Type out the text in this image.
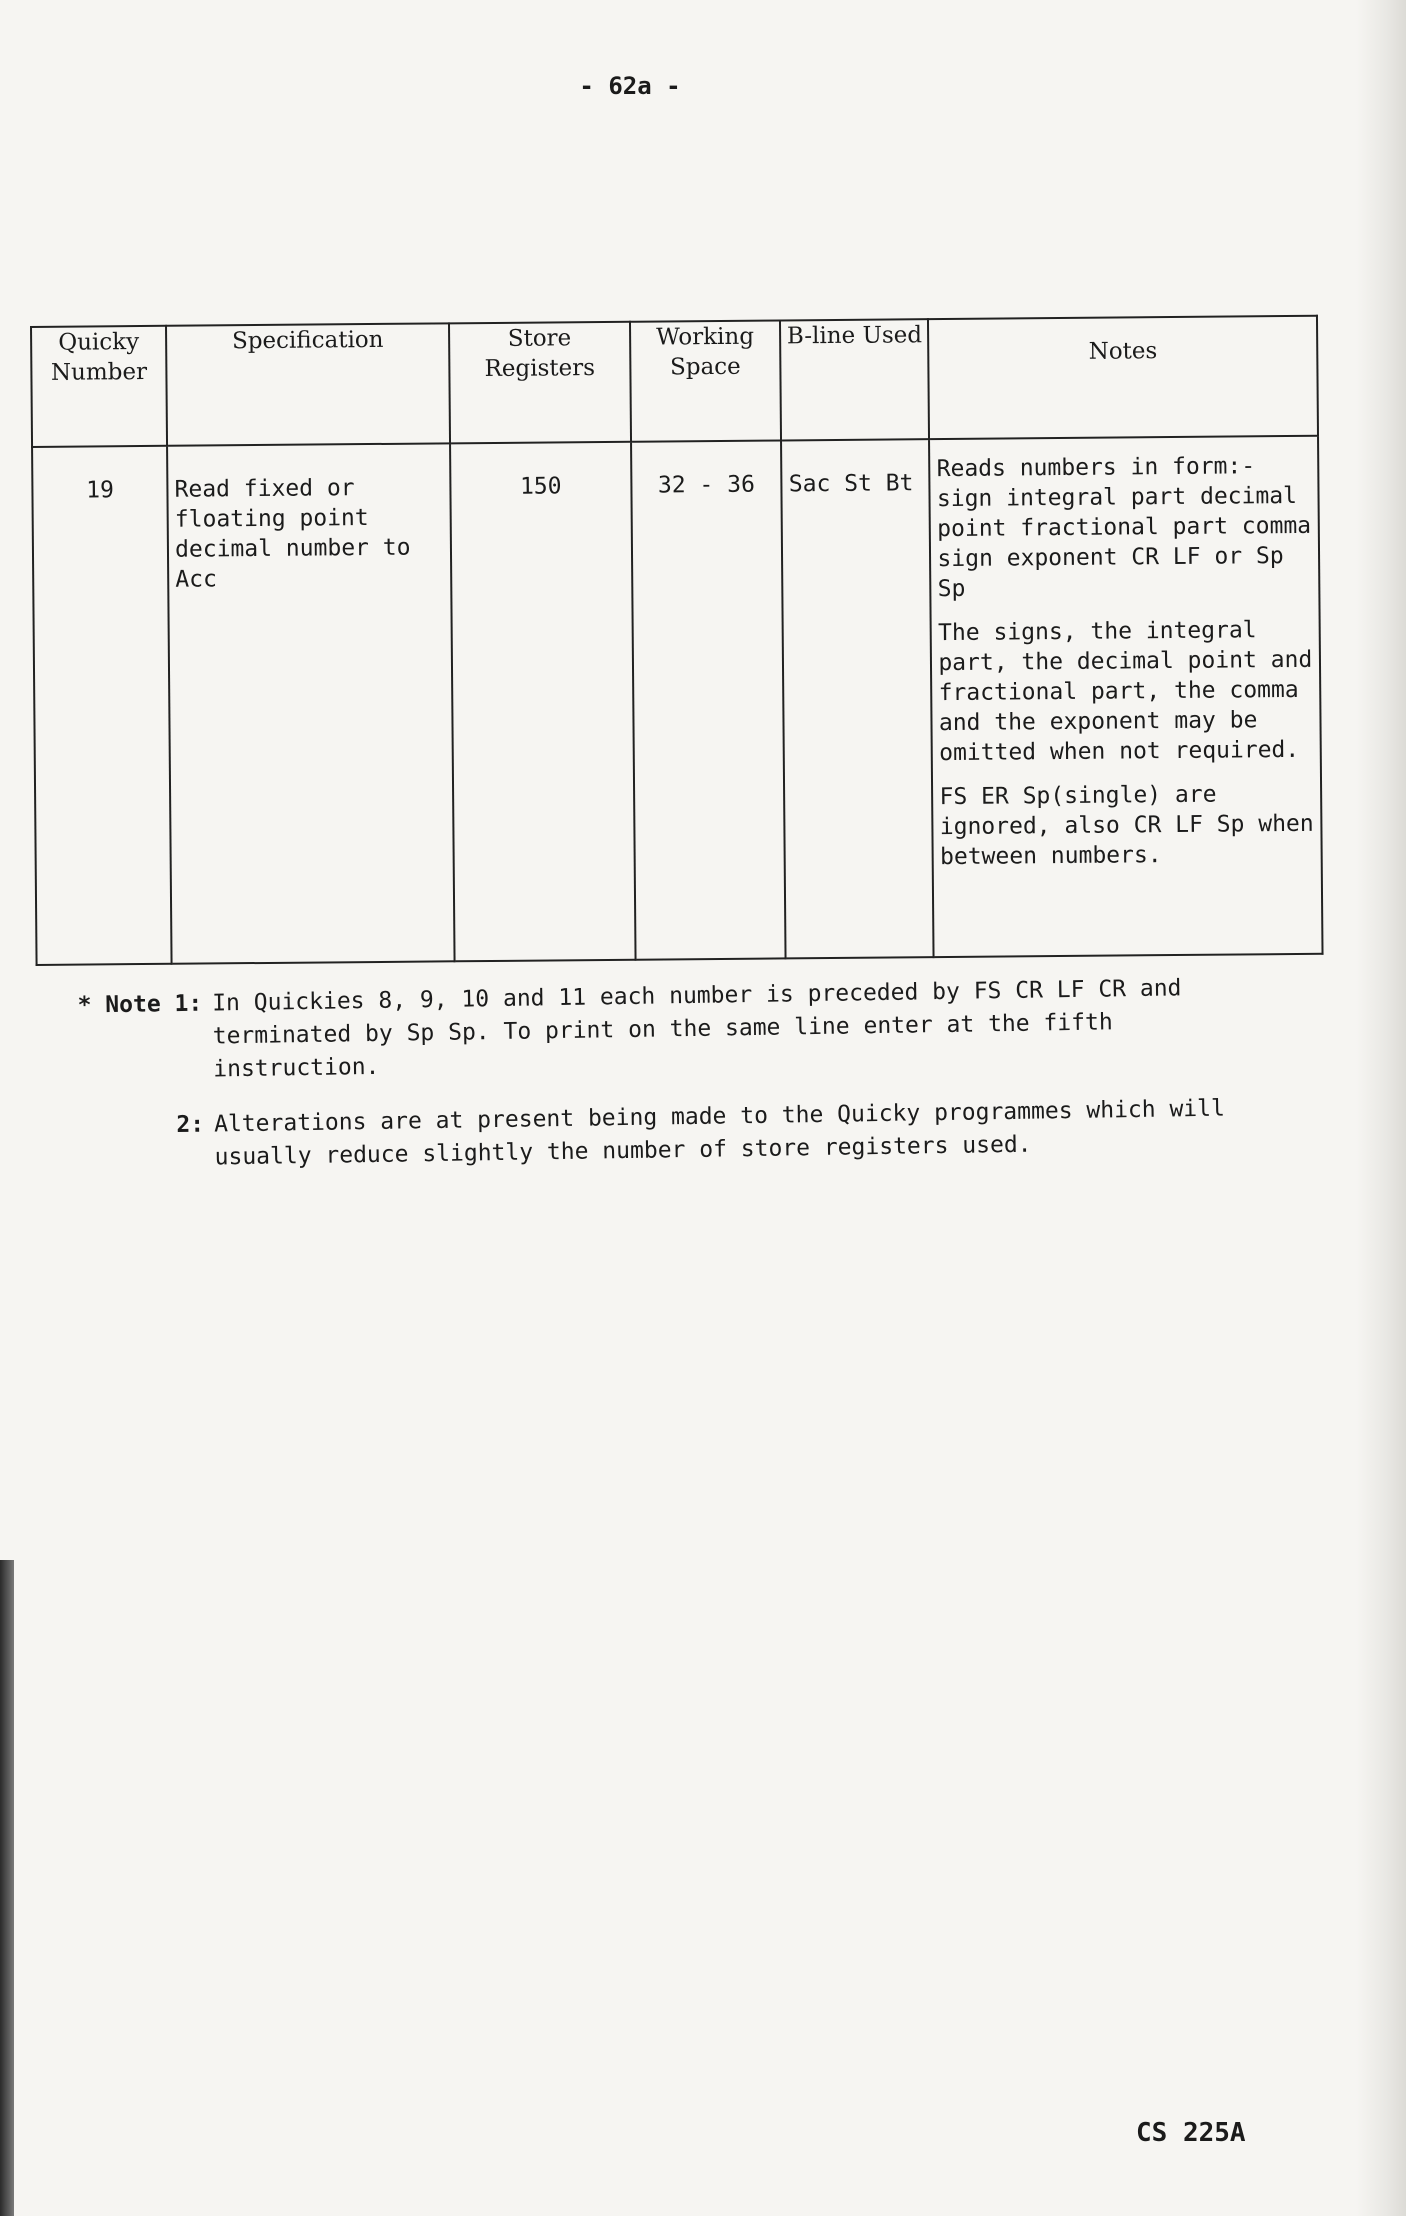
- 62a -
Quicky Number	Specification	Store Registers	Working Space	B-line Used	Notes
19	Read fixed or floating point decimal number to Acc	150	32 - 36	Sac St Bt	Reads numbers in form:- sign integral part decimal point fractional part comma sign exponent CR LF or Sp Sp

The signs, the integral part, the decimal point and fractional part, the comma and the exponent may be omitted when not required.

FS ER Sp(single) are ignored, also CR LF Sp when between numbers.

* Note 1: In Quickies 8, 9, 10 and 11 each number is preceded by FS CR LF CR and terminated by Sp Sp. To print on the same line enter at the fifth instruction.
2: Alterations are at present being made to the Quicky programmes which will usually reduce slightly the number of store registers used.
CS 225A
